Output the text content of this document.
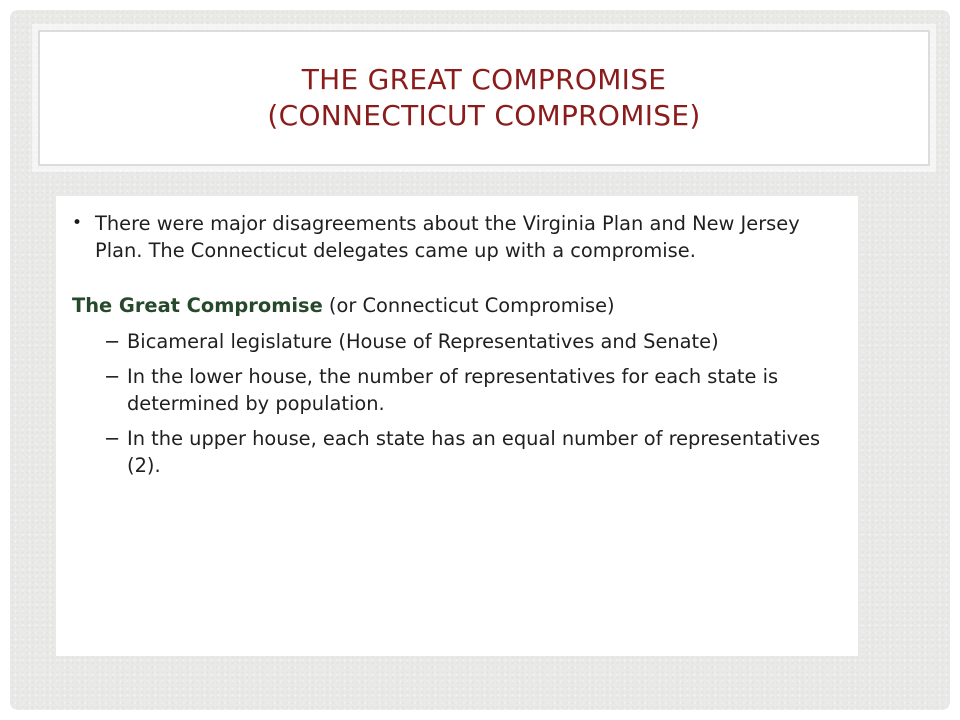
THE GREAT COMPROMISE
(CONNECTICUT COMPROMISE)
• There were major disagreements about the Virginia Plan and New Jersey Plan. The Connecticut delegates came up with a compromise.
The Great Compromise (or Connecticut Compromise)
− Bicameral legislature (House of Representatives and Senate)
− In the lower house, the number of representatives for each state is determined by population.
− In the upper house, each state has an equal number of representatives (2).
